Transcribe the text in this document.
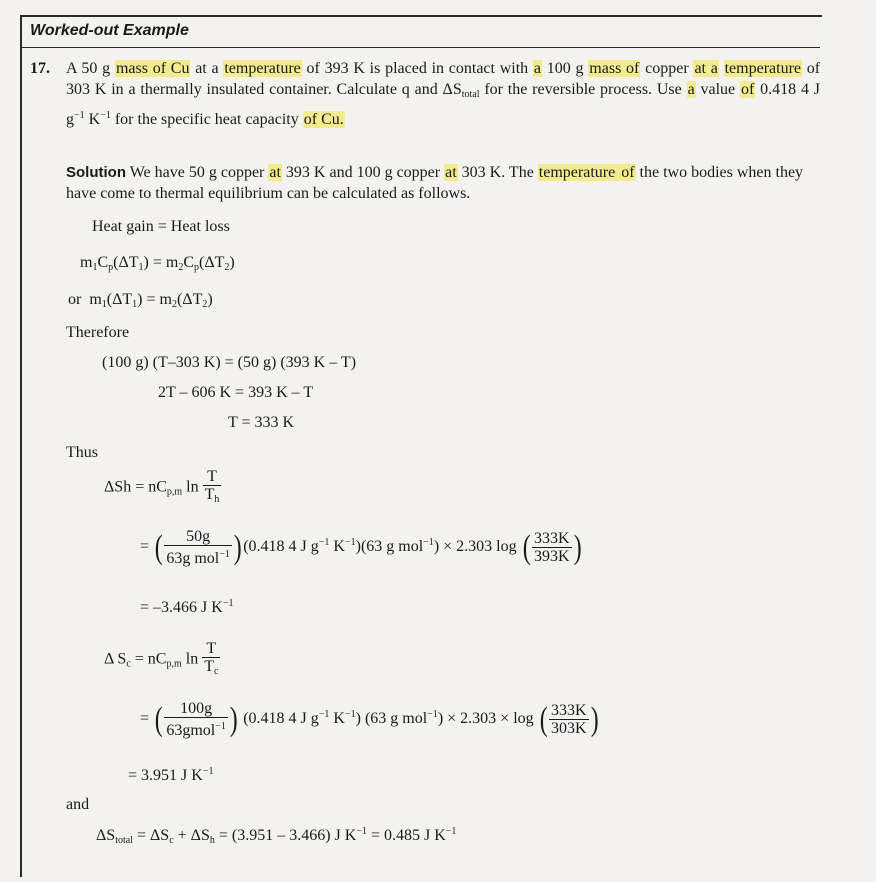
Worked-out Example
17. A 50 g mass of Cu at a temperature of 393 K is placed in contact with a 100 g mass of copper at a temperature of 303 K in a thermally insulated container. Calculate q and $\Delta S_{total}$ for the reversible process. Use a value of 0.418 4 J $g^{-1}$ $K^{-1}$ for the specific heat capacity of Cu.
Solution We have 50 g copper at 393 K and 100 g copper at 303 K. The temperature of the two bodies when they have come to thermal equilibrium can be calculated as follows.
Heat gain = Heat loss
$m_1C_p(\Delta T_1) = m_2C_p(\Delta T_2)$
or $m_1(\Delta T_1) = m_2(\Delta T_2)$
Therefore
(100 g) (T–303 K) = (50 g) (393 K – T)
2T – 606 K = 393 K – T
T = 333 K
Thus
$\Delta Sh = nC_{p,m}$ $\ln \frac{T}{T_h}$
= ( $\frac{50g}{63g mol^{-1}}$ ) (0.418 4 J $g^{-1}$ $K^{-1})(63$ g mol$^{-1}$) × 2.303 log ( $\frac{333K}{393K}$ )
= –3.466 J $K^{-1}$
Δ $S_c = nC_{p,m}$ $\ln \frac{T}{T_c}$
= ( $\frac{100g}{63gmol^{-1}}$ ) (0.418 4 J $g^{-1}$ $K^{-1}$) (63 g mol$^{-1}$) × 2.303 × log ( $\frac{333K}{303K}$ )
= 3.951 J $K^{-1}$
and
$\Delta S_{total} = \Delta S_c + \Delta S_h = (3.951 - 3.466)$ J $K^{-1} = 0.485$ J $K^{-1}$
